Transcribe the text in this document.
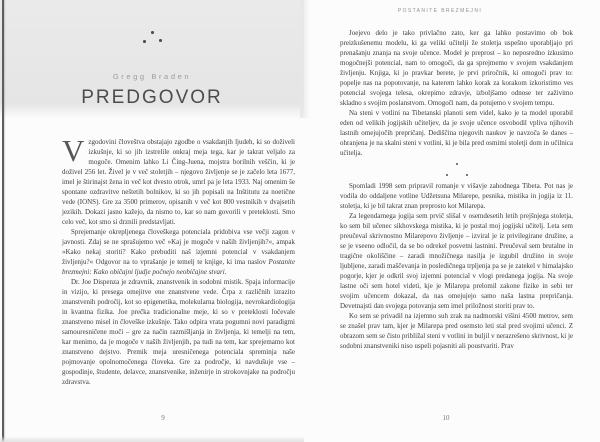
Gregg Braden
PREDGOVOR

Vzgodovini človeštva obstajajo zgodbe o vsakdanjih ljudeh, ki so doživeli izkušnje, ki so jih izstrelile onkraj meja tega, kar je takrat veljalo za mogoče. Omenim lahko Li Čing-Juena, mojstra borilnih veščin, ki je doživel 256 let. Živel je v več stoletjih – njegovo življenje se je začelo leta 1677, imel je štirinajst žena in več kot dvesto otrok, umrl pa je leta 1933. Naj omenim še spontane ozdravitve neštetih bolnikov, ki so jih popisali na Inštitutu za noetične vede (IONS). Gre za 3500 primerov, opisanih v več kot 800 vestnikih v dvajsetih jezikih. Dokazi jasno kažejo, da nismo to, kar so nam govorili v preteklosti. Smo celo več, kot smo si drznili predstavljati.

Sprejemanje okrepljenega človeškega potenciala pridobiva vse večji zagon v javnosti. Zdaj se ne sprašujemo več »Kaj je mogoče v naših življenjih?«, ampak »Kako nekaj storiti? Kako prebuditi naš izjemni potencial v vsakdanjem življenju?« Odgovor na to vprašanje je temelj te knjige, ki ima naslov Postanite brezmejni: Kako običajni ljudje počnejo neobičajne stvari.

Dr. Joe Dispenza je zdravnik, znanstvenik in sodobni mistik. Spaja informacije in vizijo, ki presega omejitve ene znanstvene vede. Črpa z različnih izrazito znanstvenih področij, kot so epigenetika, molekularna biologija, nevrokardiologija in kvantna fizika. Joe prečka tradicionalne meje, ki so v preteklosti ločevale znanstveno misel in človeške izkušnje. Tako odpira vrata pogumni novi paradigmi samouresničene moči – gre za način razmišljanja in življenja, ki temelji na tem, kar menimo, da je mogoče v naših življenjih, pa tudi na tem, kar sprejemamo kot znanstveno dejstvo. Premik meja uresničenega potenciala spreminja naše pojmovanje opolnomočenega človeka. Gre za področje, ki navdušuje vse – gospodinje, študente, delavce, znanstvenike, inženirje in strokovnjake na področju zdravstva.

9
POSTANITE BREZMEJNI

Joejevo delo je tako privlačno zato, ker ga lahko postavimo ob bok preizkušenemu modelu, ki ga veliki učitelji že stoletja uspešno uporabljajo pri prenašanju znanja na svoje učence. Model je preprost – ko neposredno izkusimo mogočnejši potencial, nam to omogoči, da ga sprejmemo v svojem vsakdanjem življenju. Knjiga, ki jo pravkar berete, je prvi priročnik, ki omogoči prav to: popelje nas na popotovanje, na katerem lahko korak za korakom izkoristimo ves potencial svojega telesa, okrepimo zdravje, izboljšamo odnose ter zaživimo skladno s svojim poslanstvom. Omogoči nam, da potujemo v svojem tempu.

Na steni v votlini na Tibetanski planoti sem videl, kako je ta model uporabil eden od velikih jogijskih učiteljev, da je svoje učence osvobodil vpliva njihovih lastnih omejujočih prepričanj. Dediščina njegovih naukov je navzoča še danes – ohranjena je na skalni steni v votlini, ki je bila pred osmimi stoletji dom in učilnica učitelja.

Spomladi 1998 sem pripravil romanje v višavje zahodnega Tibeta. Pot nas je vodila do oddaljene votline Udžetsuna Milarepe, pesnika, mistika in jogija iz 11. stoletja, ki je bil takrat znan preprosto kot Milarepa.

Za legendarnega jogija sem prvič slišal v osemdesetih letih prejšnjega stoletja, ko sem bil učenec sikhovskega mistika, ki je postal moj jogijski učitelj. Leta sem preučeval skrivnostno Milarepovo življenje – izviral je iz privilegirane družine, a se je vseeno odločil, da se bo odrekel posvetni lastnini. Preučeval sem brutalne in tragične okoliščine – zaradi množičnega nasilja je izgubil družino in svoje ljubljene, zaradi maščevanja in posledičnega trpljenja pa se je zatekel v himalajsko pogorje, kjer je odkril svoj izjemni potencial v vlogi predanega jogija. Na svoje lastne oči sem hotel videti, kje je Milarepa prelomil zakone fizike in sebi ter svojim učencem dokazal, da nas omejujejo samo naša lastna prepričanja. Devetnajsti dan svojega potovanja sem imel priložnost storiti prav to.

Ko sem se privadil na izjemno suh zrak na nadmorski višini 4500 metrov, sem se znašel prav tam, kjer je Milarepa pred osemsto leti stal pred svojimi učenci. Z obrazom sem se čisto približal steni v votlini in buljil v nerazrešeno skrivnost, ki je sodobni znanstveniki niso uspeli pojasniti ali poustvariti. Prav

10
